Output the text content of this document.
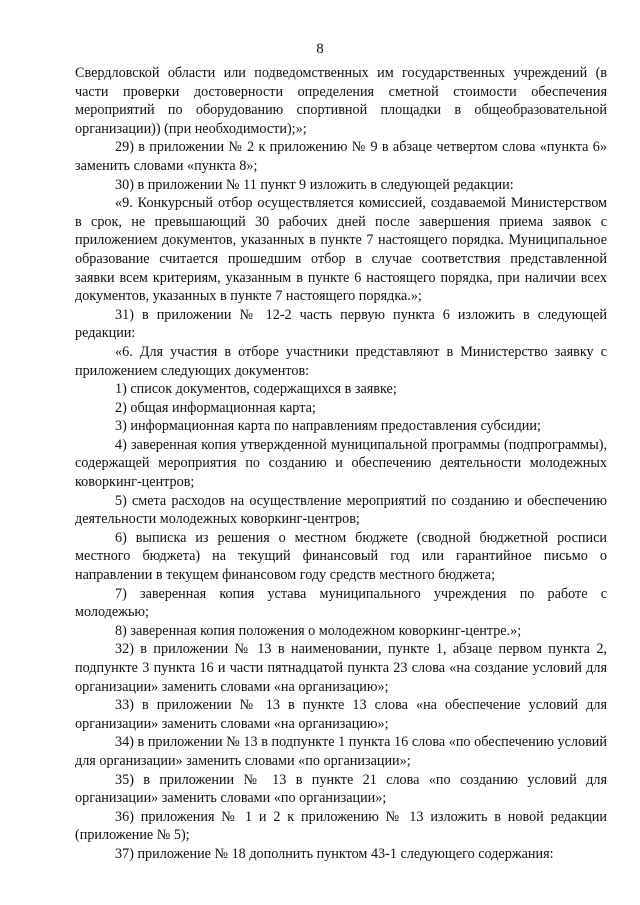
8

Свердловской области или подведомственных им государственных учреждений (в части проверки достоверности определения сметной стоимости обеспечения мероприятий по оборудованию спортивной площадки в общеобразовательной организации)) (при необходимости);»;

29) в приложении № 2 к приложению № 9 в абзаце четвертом слова «пункта 6» заменить словами «пункта 8»;

30) в приложении № 11 пункт 9 изложить в следующей редакции:

«9. Конкурсный отбор осуществляется комиссией, создаваемой Министерством в срок, не превышающий 30 рабочих дней после завершения приема заявок с приложением документов, указанных в пункте 7 настоящего порядка. Муниципальное образование считается прошедшим отбор в случае соответствия представленной заявки всем критериям, указанным в пункте 6 настоящего порядка, при наличии всех документов, указанных в пункте 7 настоящего порядка.»;

31) в приложении № 12-2 часть первую пункта 6 изложить в следующей редакции:

«6. Для участия в отборе участники представляют в Министерство заявку с приложением следующих документов:

1) список документов, содержащихся в заявке;

2) общая информационная карта;

3) информационная карта по направлениям предоставления субсидии;

4) заверенная копия утвержденной муниципальной программы (подпрограммы), содержащей мероприятия по созданию и обеспечению деятельности молодежных коворкинг-центров;

5) смета расходов на осуществление мероприятий по созданию и обеспечению деятельности молодежных коворкинг-центров;

6) выписка из решения о местном бюджете (сводной бюджетной росписи местного бюджета) на текущий финансовый год или гарантийное письмо о направлении в текущем финансовом году средств местного бюджета;

7) заверенная копия устава муниципального учреждения по работе с молодежью;

8) заверенная копия положения о молодежном коворкинг-центре.»;

32) в приложении № 13 в наименовании, пункте 1, абзаце первом пункта 2, подпункте 3 пункта 16 и части пятнадцатой пункта 23 слова «на создание условий для организации» заменить словами «на организацию»;

33) в приложении № 13 в пункте 13 слова «на обеспечение условий для организации» заменить словами «на организацию»;

34) в приложении № 13 в подпункте 1 пункта 16 слова «по обеспечению условий для организации» заменить словами «по организации»;

35) в приложении № 13 в пункте 21 слова «по созданию условий для организации» заменить словами «по организации»;

36) приложения № 1 и 2 к приложению № 13 изложить в новой редакции (приложение № 5);

37) приложение № 18 дополнить пунктом 43-1 следующего содержания:
